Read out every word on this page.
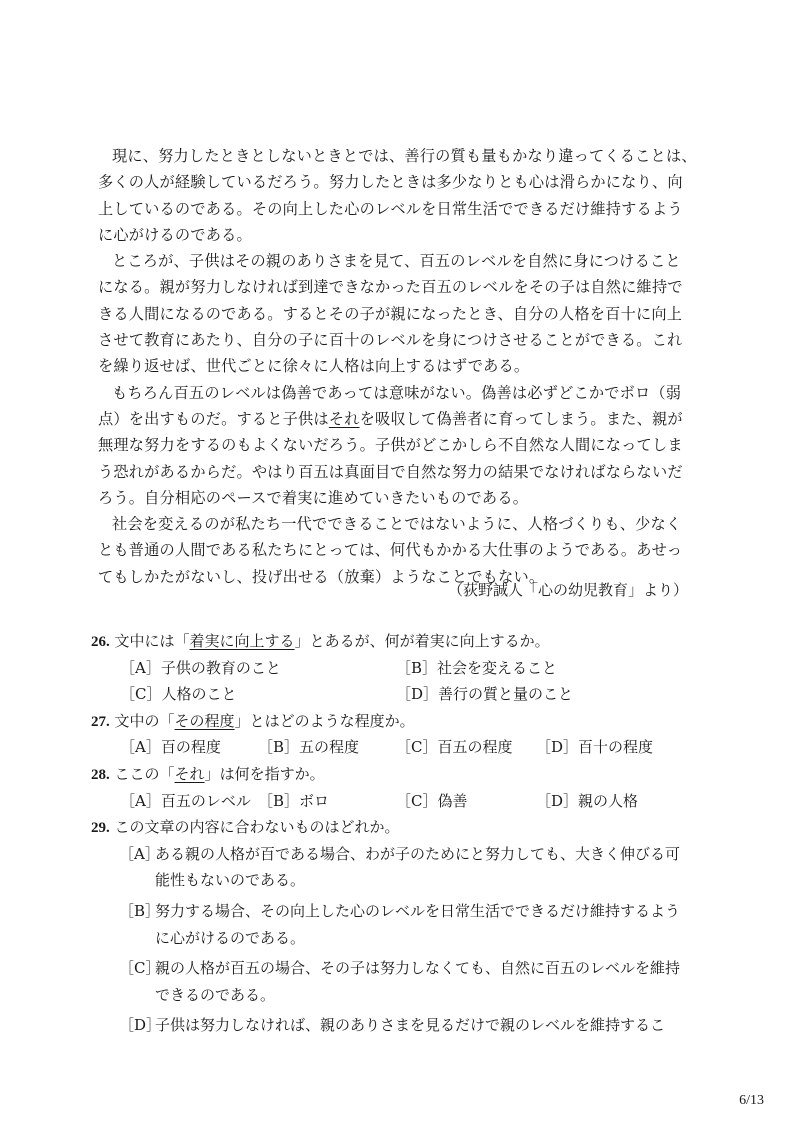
現に、努力したときとしないときとでは、善行の質も量もかなり違ってくることは、
多くの人が経験しているだろう。努力したときは多少なりとも心は滑らかになり、向
上しているのである。その向上した心のレベルを日常生活でできるだけ維持するよう
に心がけるのである。
ところが、子供はその親のありさまを見て、百五のレベルを自然に身につけること
になる。親が努力しなければ到達できなかった百五のレベルをその子は自然に維持で
きる人間になるのである。するとその子が親になったとき、自分の人格を百十に向上
させて教育にあたり、自分の子に百十のレベルを身につけさせることができる。これ
を繰り返せば、世代ごとに徐々に人格は向上するはずである。
もちろん百五のレベルは偽善であっては意味がない。偽善は必ずどこかでボロ（弱
点）を出すものだ。すると子供はそれを吸収して偽善者に育ってしまう。また、親が
無理な努力をするのもよくないだろう。子供がどこかしら不自然な人間になってしま
う恐れがあるからだ。やはり百五は真面目で自然な努力の結果でなければならないだ
ろう。自分相応のペースで着実に進めていきたいものである。
社会を変えるのが私たち一代でできることではないように、人格づくりも、少なく
とも普通の人間である私たちにとっては、何代もかかる大仕事のようである。あせっ
てもしかたがないし、投げ出せる（放棄）ようなことでもない。
（荻野誠人「心の幼児教育」より）
26. 文中には「着実に向上する」とあるが、何が着実に向上するか。
［A］子供の教育のこと	［B］社会を変えること
［C］人格のこと	［D］善行の質と量のこと
27. 文中の「その程度」とはどのような程度か。
［A］百の程度 ［B］五の程度 ［C］百五の程度 ［D］百十の程度
28. ここの「それ」は何を指すか。
［A］百五のレベル ［B］ボロ	［C］偽善	［D］親の人格
29. この文章の内容に合わないものはどれか。
［A］
ある親の人格が百である場合、わが子のためにと努力しても、大きく伸びる可能性もないのである。
［B］
努力する場合、その向上した心のレベルを日常生活でできるだけ維持するように心がけるのである。
［C］
親の人格が百五の場合、その子は努力しなくても、自然に百五のレベルを維持できるのである。
［D］
子供は努力しなければ、親のありさまを見るだけで親のレベルを維持するこ
6/13
